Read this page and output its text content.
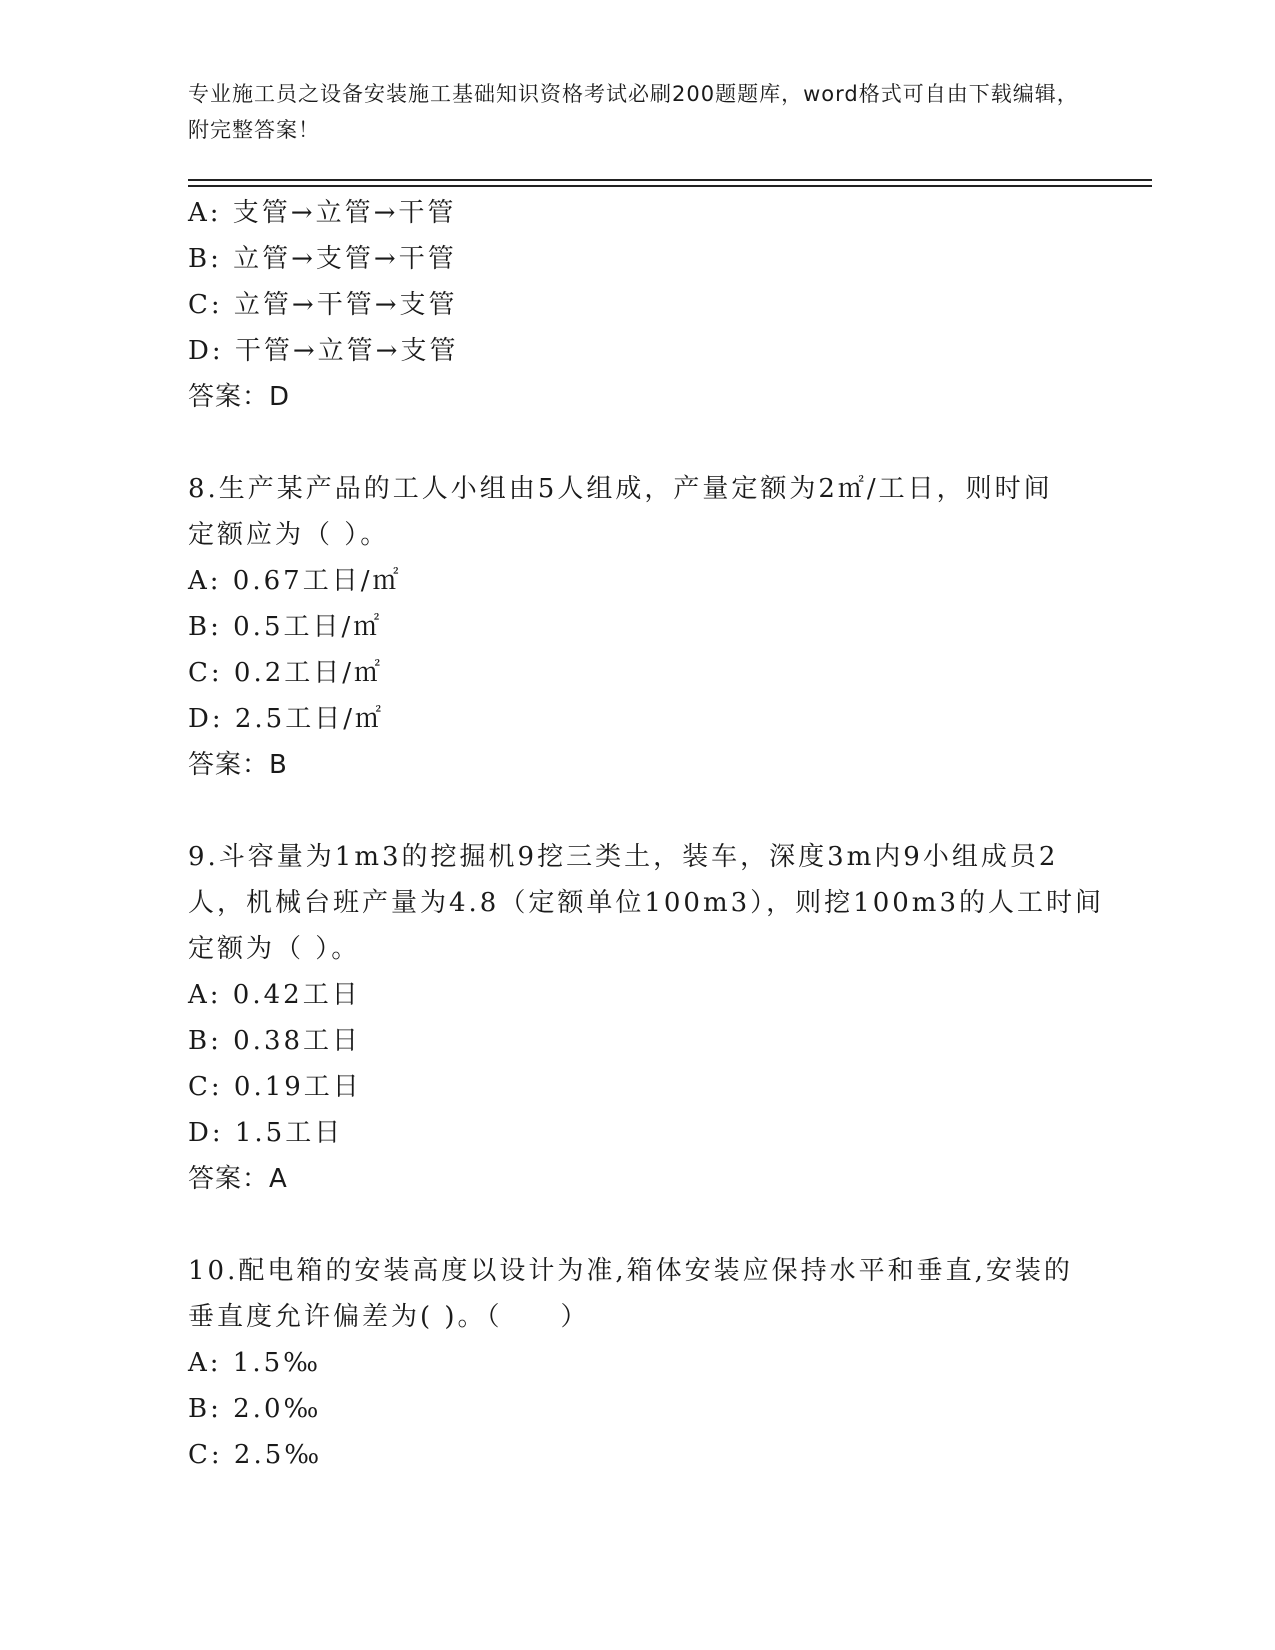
专业施工员之设备安装施工基础知识资格考试必刷200题题库，word格式可自由下载编辑，附完整答案！
A: 支管→立管→干管
B: 立管→支管→干管
C: 立管→干管→支管
D: 干管→立管→支管
答案：D
8.生产某产品的工人小组由5人组成，产量定额为2㎡/工日，则时间
定额应为（ ）。
A: 0.67工日/㎡
B: 0.5工日/㎡
C: 0.2工日/㎡
D: 2.5工日/㎡
答案：B
9.斗容量为1m3的挖掘机9挖三类土，装车，深度3m内9小组成员2
人，机械台班产量为4.8（定额单位100m3），则挖100m3的人工时间
定额为（ ）。
A: 0.42工日
B: 0.38工日
C: 0.19工日
D: 1.5工日
答案：A
10.配电箱的安装高度以设计为准,箱体安装应保持水平和垂直,安装的
垂直度允许偏差为( )。（　　）
A: 1.5‰
B: 2.0‰
C: 2.5‰
